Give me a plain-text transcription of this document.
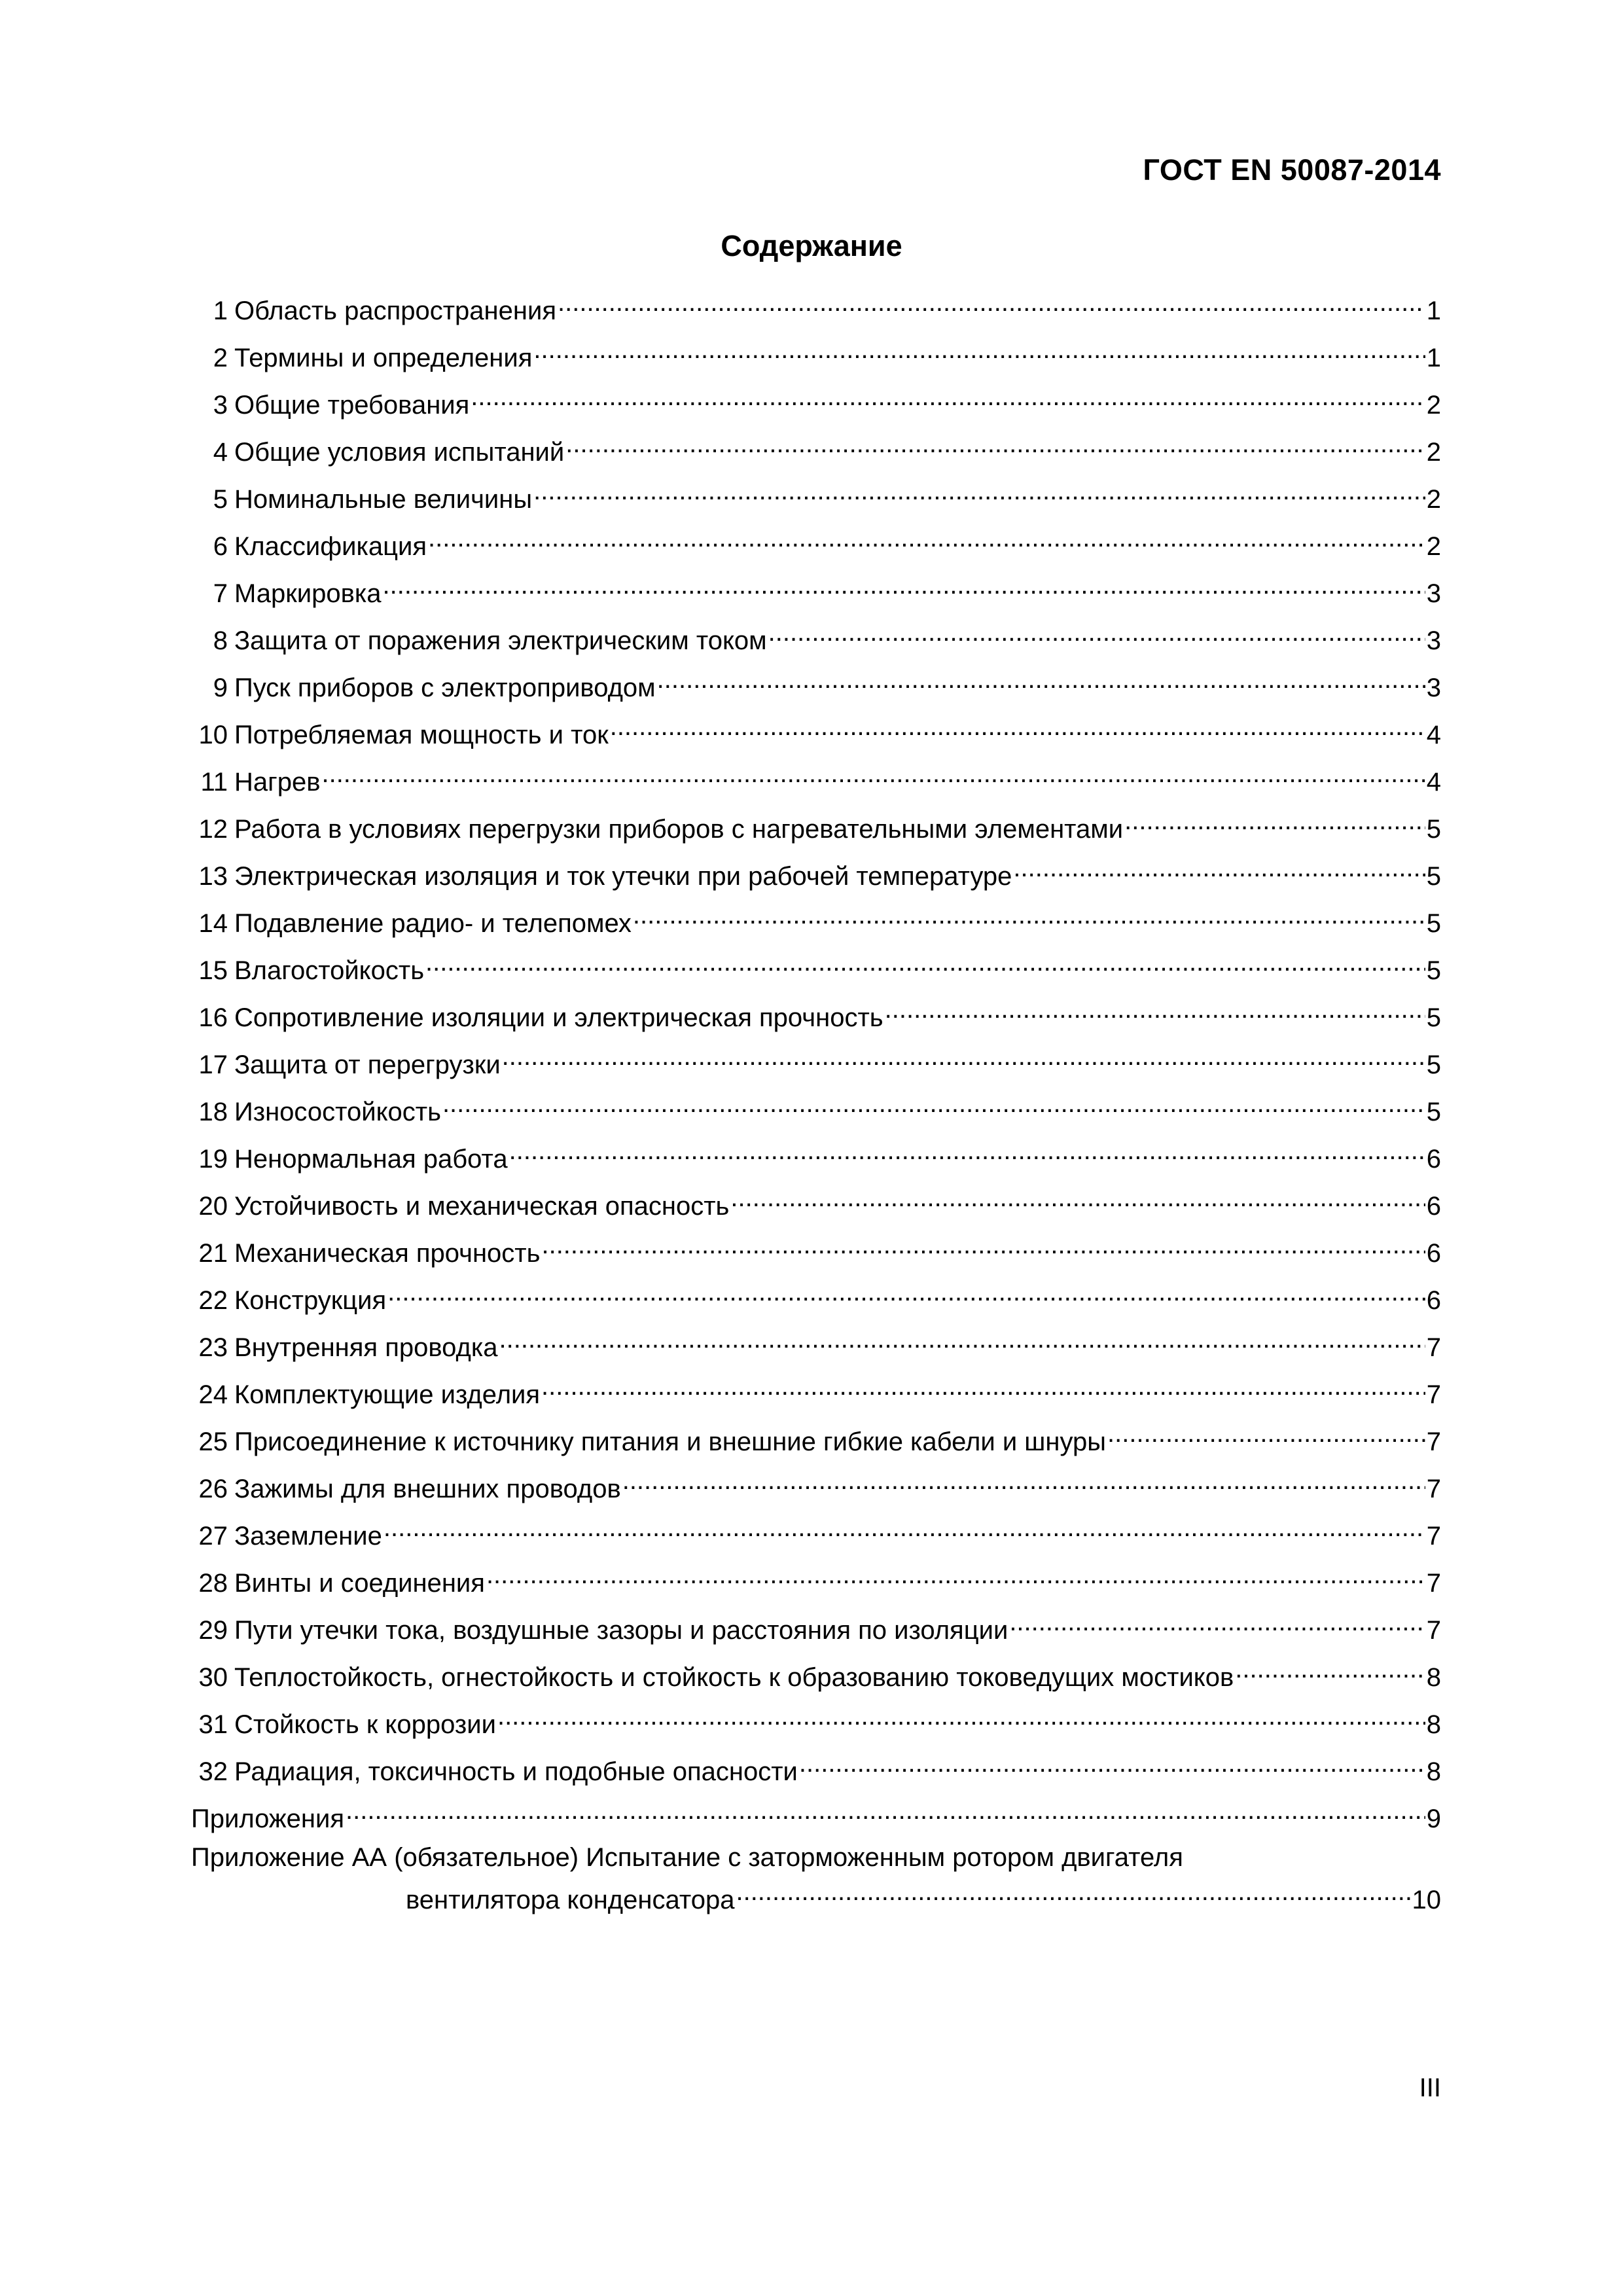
ГОСТ EN 50087-2014
Содержание
1 Область распространения .....	1
2 Термины и определения .....	1
3 Общие требования .....	2
4 Общие условия испытаний .....	2
5 Номинальные величины .....	2
6 Классификация .....	2
7 Маркировка .....	3
8 Защита от поражения электрическим током .....	3
9 Пуск приборов с электроприводом .....	3
10 Потребляемая мощность и ток .....	4
11 Нагрев .....	4
12 Работа в условиях перегрузки приборов с нагревательными элементами .....	5
13 Электрическая изоляция и ток утечки при рабочей температуре .....	5
14 Подавление радио- и телепомех .....	5
15 Влагостойкость .....	5
16 Сопротивление изоляции и электрическая прочность .....	5
17 Защита от перегрузки .....	5
18 Износостойкость .....	5
19 Ненормальная работа .....	6
20 Устойчивость и механическая опасность .....	6
21 Механическая прочность .....	6
22 Конструкция .....	6
23 Внутренняя проводка .....	7
24 Комплектующие изделия .....	7
25 Присоединение к источнику питания и внешние гибкие кабели и шнуры .....	7
26 Зажимы для внешних проводов .....	7
27 Заземление .....	7
28 Винты и соединения .....	7
29 Пути утечки тока, воздушные зазоры и расстояния по изоляции .....	7
30 Теплостойкость, огнестойкость и стойкость к образованию токоведущих мостиков .....	8
31 Стойкость к коррозии .....	8
32 Радиация, токсичность и подобные опасности .....	8
Приложения .....	9
Приложение АА (обязательное) Испытание с заторможенным ротором двигателя
вентилятора конденсатора .....	10
III
